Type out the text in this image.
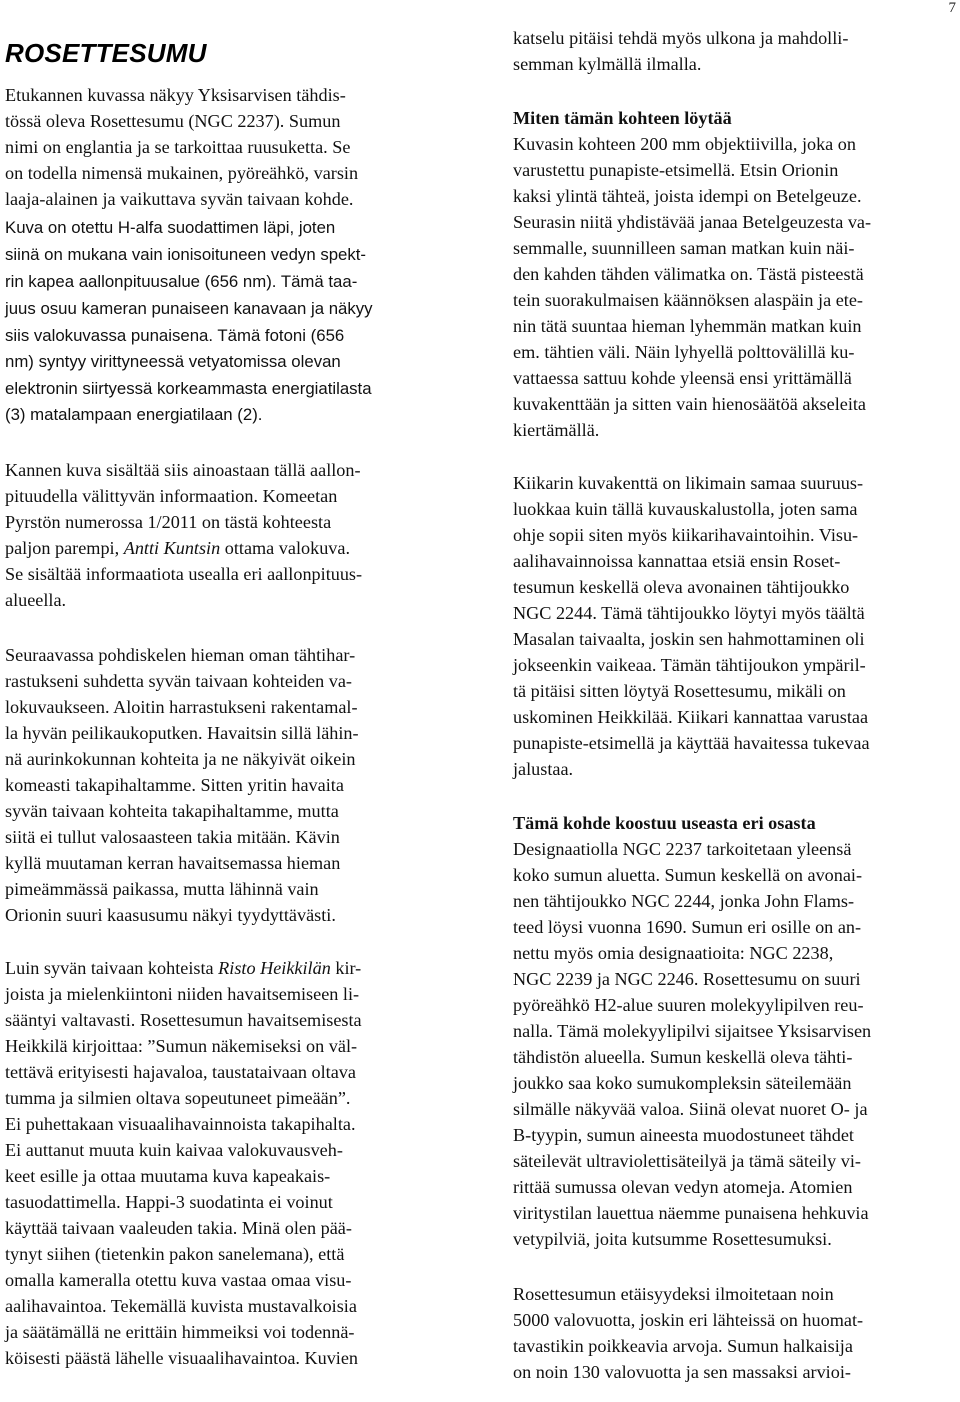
7
ROSETTESUMU
Etukannen kuvassa näkyy Yksisarvisen tähdis-
tössä oleva Rosettesumu (NGC 2237). Sumun
nimi on englantia ja se tarkoittaa ruusuketta. Se
on todella nimensä mukainen, pyöreähkö, varsin
laaja-alainen ja vaikuttava syvän taivaan kohde.
Kuva on otettu H-alfa suodattimen läpi, joten
siinä on mukana vain ionisoituneen vedyn spekt-
rin kapea aallonpituusalue (656 nm). Tämä taa-
juus osuu kameran punaiseen kanavaan ja näkyy
siis valokuvassa punaisena. Tämä fotoni (656
nm) syntyy virittyneessä vetyatomissa olevan
elektronin siirtyessä korkeammasta energiatilasta
(3) matalampaan energiatilaan (2).
Kannen kuva sisältää siis ainoastaan tällä aallon-
pituudella välittyvän informaation. Komeetan
Pyrstön numerossa 1/2011 on tästä kohteesta
paljon parempi, Antti Kuntsin ottama valokuva.
Se sisältää informaatiota usealla eri aallonpituus-
alueella.
Seuraavassa pohdiskelen hieman oman tähtihar-
rastukseni suhdetta syvän taivaan kohteiden va-
lokuvaukseen. Aloitin harrastukseni rakentamal-
la hyvän peilikaukoputken. Havaitsin sillä lähin-
nä aurinkokunnan kohteita ja ne näkyivät oikein
komeasti takapihaltamme. Sitten yritin havaita
syvän taivaan kohteita takapihaltamme, mutta
siitä ei tullut valosaasteen takia mitään. Kävin
kyllä muutaman kerran havaitsemassa hieman
pimeämmässä paikassa, mutta lähinnä vain
Orionin suuri kaasusumu näkyi tyydyttävästi.
Luin syvän taivaan kohteista Risto Heikkilän kir-
joista ja mielenkiintoni niiden havaitsemiseen li-
sääntyi valtavasti. Rosettesumun havaitsemisesta
Heikkilä kirjoittaa: ”Sumun näkemiseksi on väl-
tettävä erityisesti hajavaloa, taustataivaan oltava
tumma ja silmien oltava sopeutuneet pimeään”.
Ei puhettakaan visuaalihavainnoista takapihalta.
Ei auttanut muuta kuin kaivaa valokuvausveh-
keet esille ja ottaa muutama kuva kapeakais-
tasuodattimella. Happi-3 suodatinta ei voinut
käyttää taivaan vaaleuden takia. Minä olen pää-
tynyt siihen (tietenkin pakon sanelemana), että
omalla kameralla otettu kuva vastaa omaa visu-
aalihavaintoa. Tekemällä kuvista mustavalkoisia
ja säätämällä ne erittäin himmeiksi voi todennä-
köisesti päästä lähelle visuaalihavaintoa. Kuvien
katselu pitäisi tehdä myös ulkona ja mahdolli-
semman kylmällä ilmalla.
Miten tämän kohteen löytää
Kuvasin kohteen 200 mm objektiivilla, joka on
varustettu punapiste-etsimellä. Etsin Orionin
kaksi ylintä tähteä, joista idempi on Betelgeuze.
Seurasin niitä yhdistävää janaa Betelgeuzesta va-
semmalle, suunnilleen saman matkan kuin näi-
den kahden tähden välimatka on. Tästä pisteestä
tein suorakulmaisen käännöksen alaspäin ja ete-
nin tätä suuntaa hieman lyhemmän matkan kuin
em. tähtien väli. Näin lyhyellä polttovälillä ku-
vattaessa sattuu kohde yleensä ensi yrittämällä
kuvakenttään ja sitten vain hienosäätöä akseleita
kiertämällä.
Kiikarin kuvakenttä on likimain samaa suuruus-
luokkaa kuin tällä kuvauskalustolla, joten sama
ohje sopii siten myös kiikarihavaintoihin. Visu-
aalihavainnoissa kannattaa etsiä ensin Roset-
tesumun keskellä oleva avonainen tähtijoukko
NGC 2244. Tämä tähtijoukko löytyi myös täältä
Masalan taivaalta, joskin sen hahmottaminen oli
jokseenkin vaikeaa. Tämän tähtijoukon ympäril-
tä pitäisi sitten löytyä Rosettesumu, mikäli on
uskominen Heikkilää. Kiikari kannattaa varustaa
punapiste-etsimellä ja käyttää havaitessa tukevaa
jalustaa.
Tämä kohde koostuu useasta eri osasta
Designaatiolla NGC 2237 tarkoitetaan yleensä
koko sumun aluetta. Sumun keskellä on avonai-
nen tähtijoukko NGC 2244, jonka John Flams-
teed löysi vuonna 1690. Sumun eri osille on an-
nettu myös omia designaatioita: NGC 2238,
NGC 2239 ja NGC 2246. Rosettesumu on suuri
pyöreähkö H2-alue suuren molekyylipilven reu-
nalla. Tämä molekyylipilvi sijaitsee Yksisarvisen
tähdistön alueella. Sumun keskellä oleva tähti-
joukko saa koko sumukompleksin säteilemään
silmälle näkyvää valoa. Siinä olevat nuoret O- ja
B-tyypin, sumun aineesta muodostuneet tähdet
säteilevät ultraviolettisäteilyä ja tämä säteily vi-
rittää sumussa olevan vedyn atomeja. Atomien
viritystilan lauettua näemme punaisena hehkuvia
vetypilviä, joita kutsumme Rosettesumuksi.
Rosettesumun etäisyydeksi ilmoitetaan noin
5000 valovuotta, joskin eri lähteissä on huomat-
tavastikin poikkeavia arvoja. Sumun halkaisija
on noin 130 valovuotta ja sen massaksi arvioi-
